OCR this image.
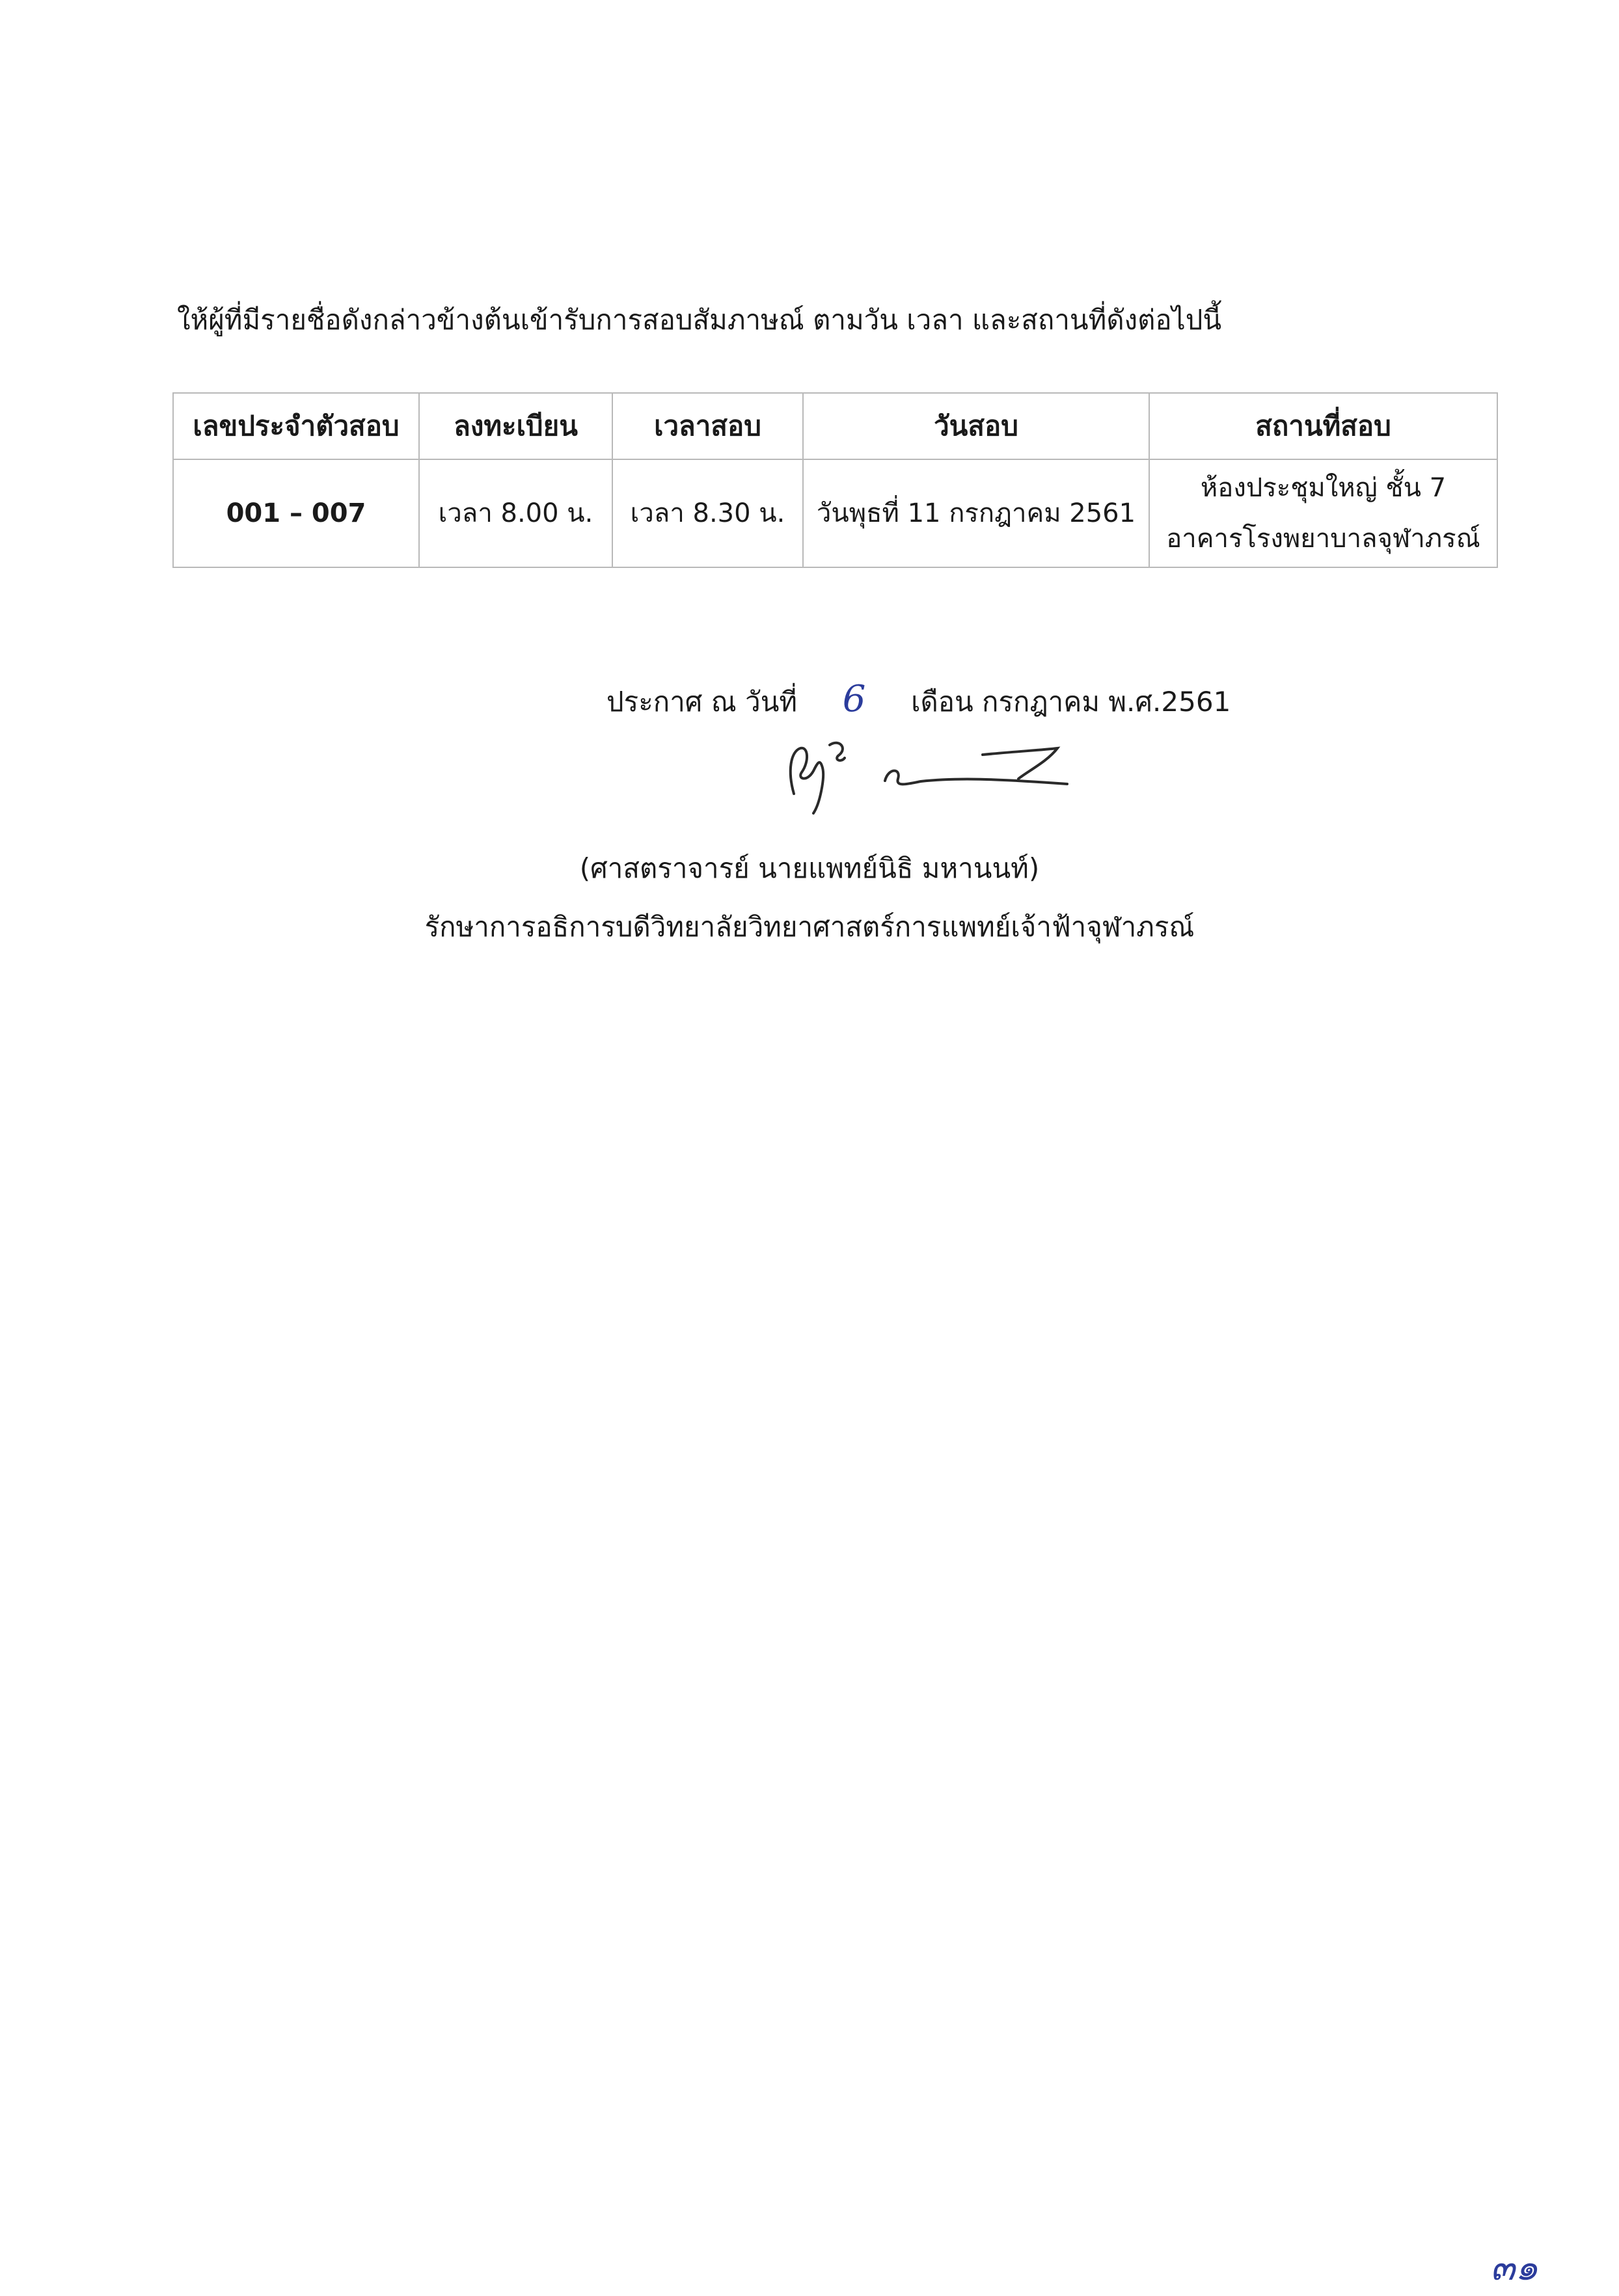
ให้ผู้ที่มีรายชื่อดังกล่าวข้างต้นเข้ารับการสอบสัมภาษณ์ ตามวัน เวลา และสถานที่ดังต่อไปนี้
เลขประจำตัวสอบ	ลงทะเบียน	เวลาสอบ	วันสอบ	สถานที่สอบ
001 – 007	เวลา 8.00 น.	เวลา 8.30 น.	วันพุธที่ 11 กรกฎาคม 2561	ห้องประชุมใหญ่ ชั้น 7
อาคารโรงพยาบาลจุฬาภรณ์
ประกาศ ณ วันที่ 6 เดือน กรกฎาคม พ.ศ.2561
(ศาสตราจารย์ นายแพทย์นิธิ มหานนท์)
รักษาการอธิการบดีวิทยาลัยวิทยาศาสตร์การแพทย์เจ้าฟ้าจุฬาภรณ์
๓๑
